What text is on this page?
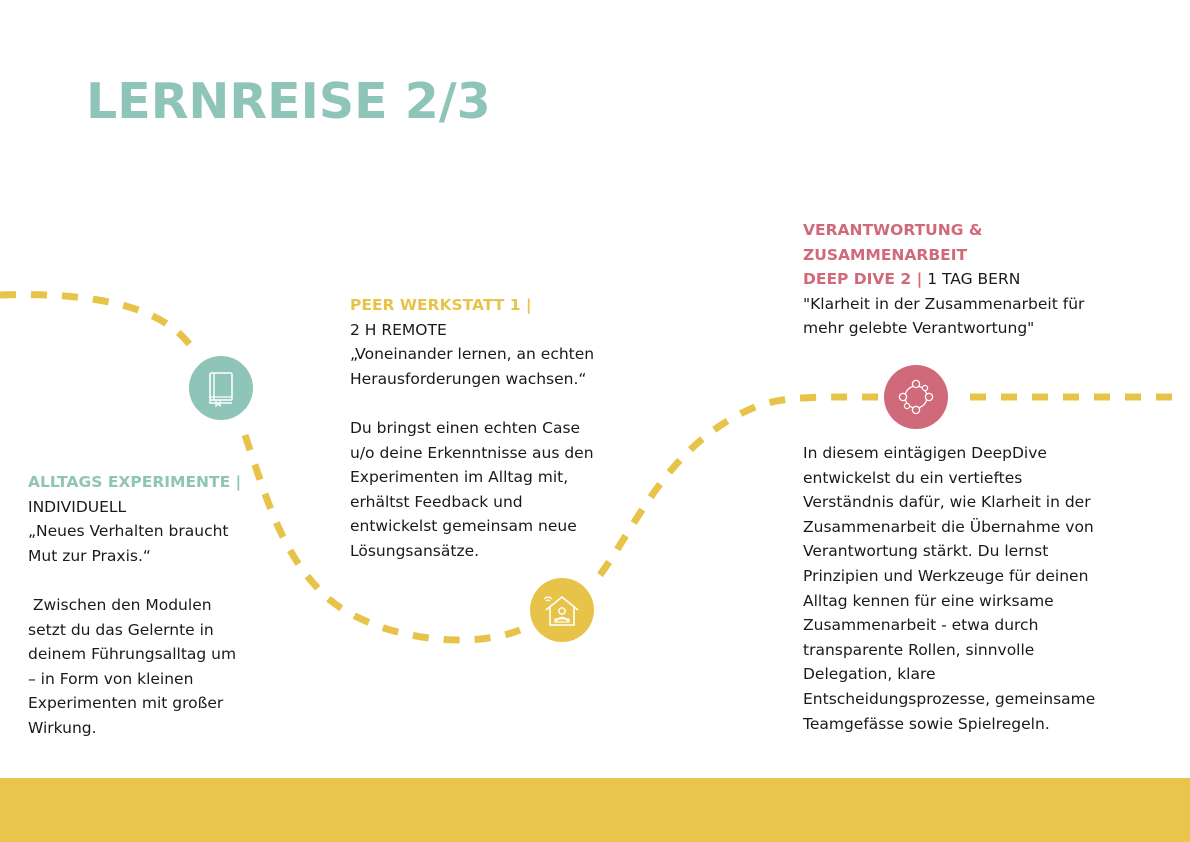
LERNREISE 2/3
ALLTAGS EXPERIMENTE |
INDIVIDUELL
„Neues Verhalten braucht
Mut zur Praxis.“
Zwischen den Modulen
setzt du das Gelernte in
deinem Führungsalltag um
– in Form von kleinen
Experimenten mit großer
Wirkung.
PEER WERKSTATT 1 |
2 H REMOTE
„Voneinander lernen, an echten
Herausforderungen wachsen.“
Du bringst einen echten Case
u/o deine Erkenntnisse aus den
Experimenten im Alltag mit,
erhältst Feedback und
entwickelst gemeinsam neue
Lösungsansätze.
VERANTWORTUNG &
ZUSAMMENARBEIT
DEEP DIVE 2 | 1 TAG BERN
"Klarheit in der Zusammenarbeit für
mehr gelebte Verantwortung"
In diesem eintägigen DeepDive
entwickelst du ein vertieftes
Verständnis dafür, wie Klarheit in der
Zusammenarbeit die Übernahme von
Verantwortung stärkt. Du lernst
Prinzipien und Werkzeuge für deinen
Alltag kennen für eine wirksame
Zusammenarbeit - etwa durch
transparente Rollen, sinnvolle
Delegation, klare
Entscheidungsprozesse, gemeinsame
Teamgefässe sowie Spielregeln.
